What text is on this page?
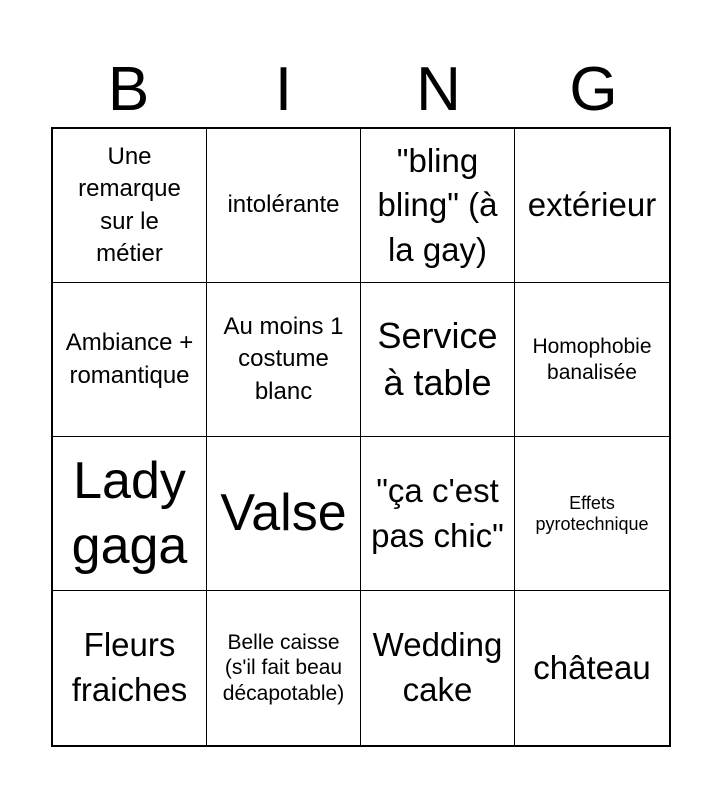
B	I	N	G
Une remarque sur le métier
intolérante
"bling bling" (à la gay)
extérieur
Ambiance + romantique
Au moins 1 costume blanc
Service à table
Homophobie banalisée
Lady gaga
Valse "ça c'est pas chic"
Effets pyrotechnique
Fleurs fraiches
Belle caisse (s'il fait beau décapotable)
Wedding cake
château
